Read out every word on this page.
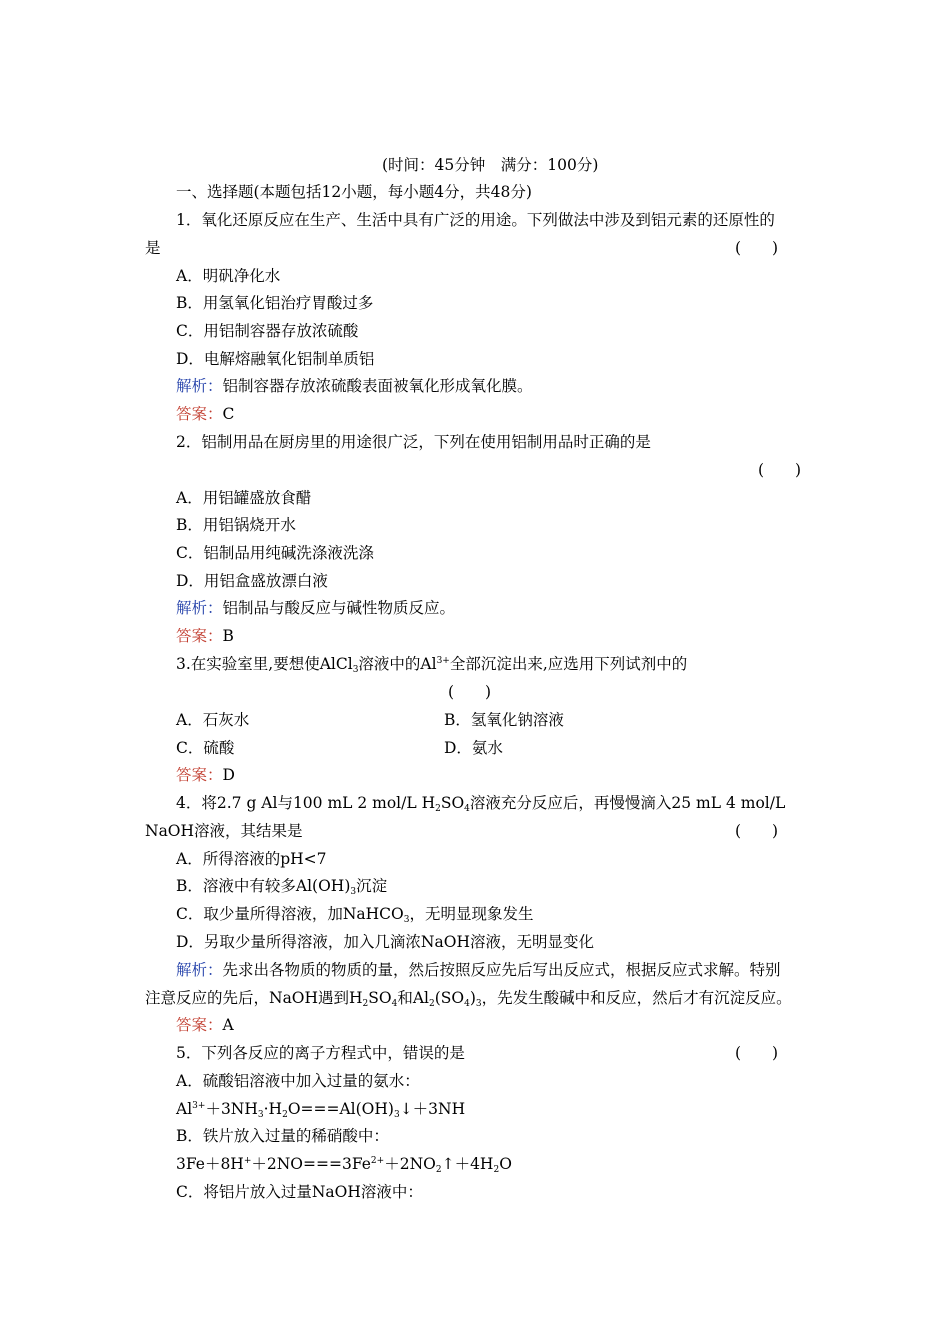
(时间：45分钟　满分：100分)
一、选择题(本题包括12小题，每小题4分，共48分)
1．氧化还原反应在生产、生活中具有广泛的用途。下列做法中涉及到铝元素的还原性的
是	(　　)
A．明矾净化水
B．用氢氧化铝治疗胃酸过多
C．用铝制容器存放浓硫酸
D．电解熔融氧化铝制单质铝
解析：铝制容器存放浓硫酸表面被氧化形成氧化膜。
答案：C
2．铝制用品在厨房里的用途很广泛，下列在使用铝制用品时正确的是
(　　)
A．用铝罐盛放食醋
B．用铝锅烧开水
C．铝制品用纯碱洗涤液洗涤
D．用铝盒盛放漂白液
解析：铝制品与酸反应与碱性物质反应。
答案：B
3.在实验室里,要想使AlCl$_3$溶液中的$Al^{3+}$全部沉淀出来,应选用下列试剂中的
(　　)
A．石灰水	B．氢氧化钠溶液
C．硫酸	D．氨水
答案：D
4．将2.7 g Al与100 mL 2 mol/L $H_2SO_4$溶液充分反应后，再慢慢滴入25 mL 4 mol/L
NaOH溶液，其结果是	(　　)
A．所得溶液的pH<7
B．溶液中有较多$Al(OH)_3$沉淀
C．取少量所得溶液，加NaHCO$_3$，无明显现象发生
D．另取少量所得溶液，加入几滴浓NaOH溶液，无明显变化
解析：先求出各物质的物质的量，然后按照反应先后写出反应式，根据反应式求解。特别
注意反应的先后，NaOH遇到$H_2SO_4$和$Al_2(SO_4)_3$，先发生酸碱中和反应，然后才有沉淀反应。
答案：A
5．下列各反应的离子方程式中，错误的是	(　　)
A．硫酸铝溶液中加入过量的氨水：
$Al^{3+}+3NH_3\cdot H_2O===Al(OH)_3↓+3NH$
B．铁片放入过量的稀硝酸中：
$3Fe+8H^++2NO===3Fe^{2+}+2NO_2↑+4H_2O$
C．将铝片放入过量NaOH溶液中：
